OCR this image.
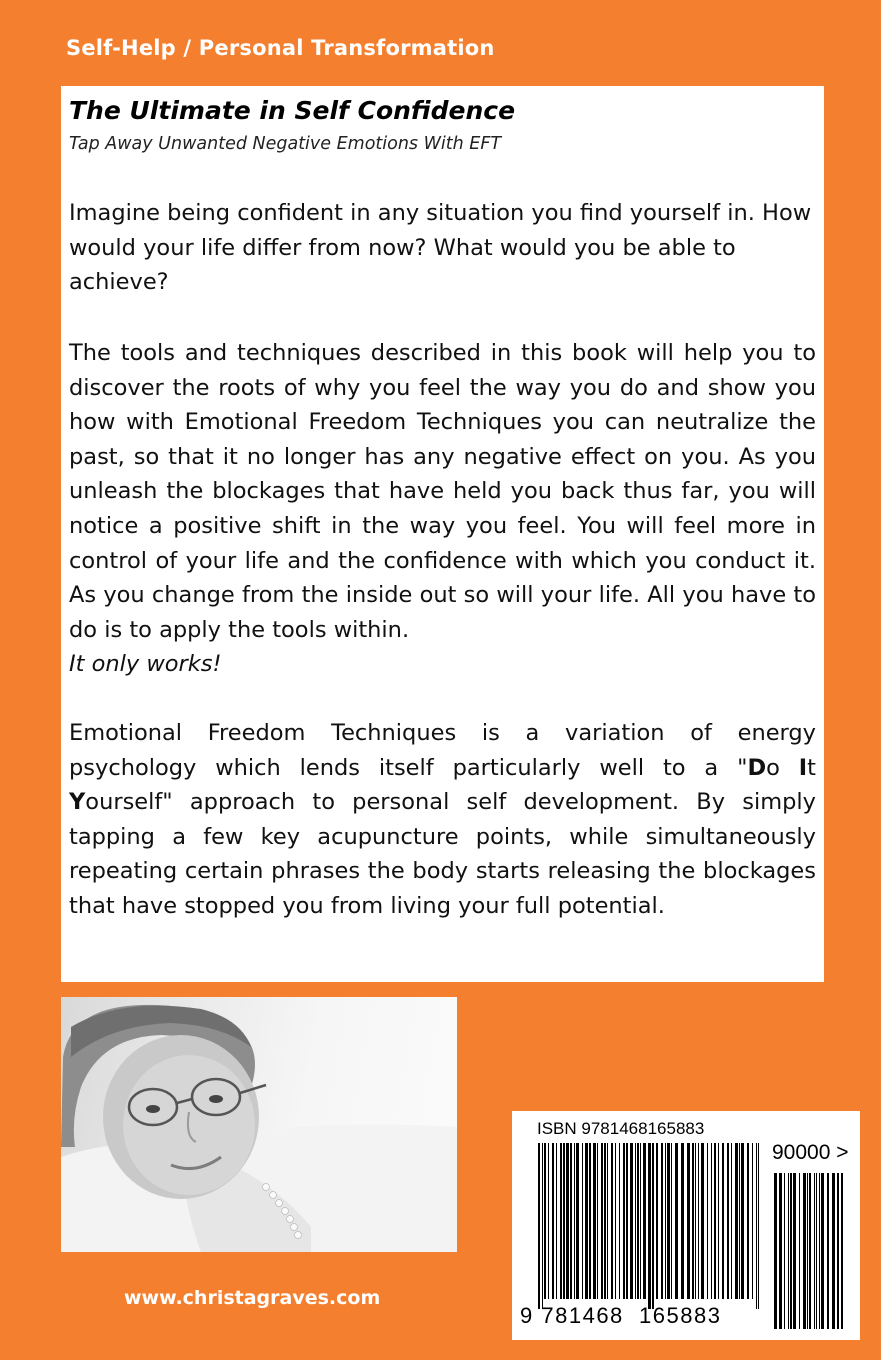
Self-Help / Personal Transformation
The Ultimate in Self Confidence
Tap Away Unwanted Negative Emotions With EFT

Imagine being confident in any situation you find yourself in. How would your life differ from now? What would you be able to achieve?

The tools and techniques described in this book will help you to discover the roots of why you feel the way you do and show you how with Emotional Freedom Techniques you can neutralize the past, so that it no longer has any negative effect on you. As you unleash the blockages that have held you back thus far, you will notice a positive shift in the way you feel. You will feel more in control of your life and the confidence with which you conduct it. As you change from the inside out so will your life. All you have to do is to apply the tools within.
It only works!

Emotional Freedom Techniques is a variation of energy psychology which lends itself particularly well to a "Do It Yourself" approach to personal self development. By simply tapping a few key acupuncture points, while simultaneously repeating certain phrases the body starts releasing the blockages that have stopped you from living your full potential.

www.christagraves.com
ISBN 9781468165883
90000 >
9 781468 165883
